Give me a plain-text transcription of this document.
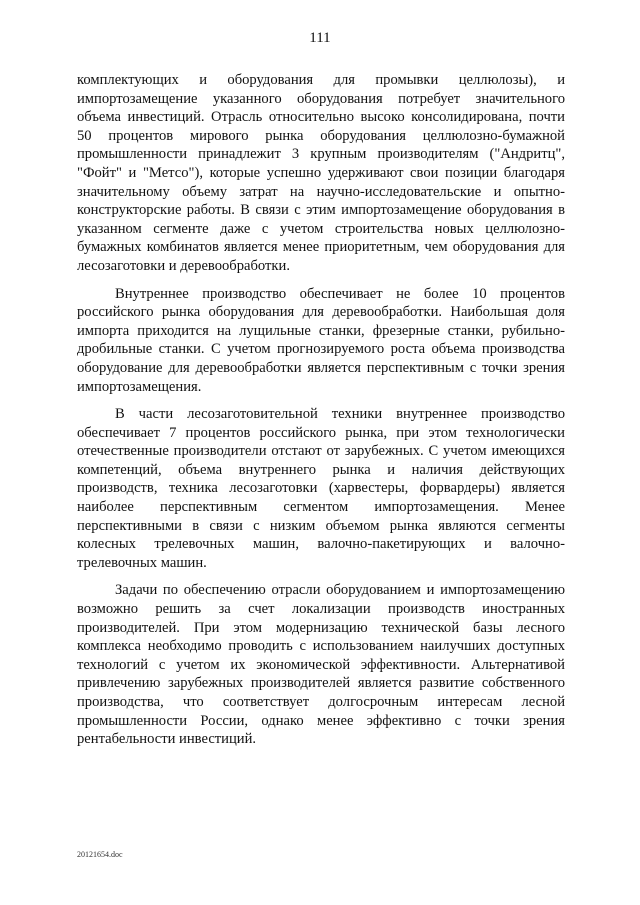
111

комплектующих и оборудования для промывки целлюлозы), и импортозамещение указанного оборудования потребует значительного объема инвестиций. Отрасль относительно высоко консолидирована, почти 50 процентов мирового рынка оборудования целлюлозно-бумажной промышленности принадлежит 3 крупным производителям ("Андритц", "Фойт" и "Метсо"), которые успешно удерживают свои позиции благодаря значительному объему затрат на научно-исследовательские и опытно-конструкторские работы. В связи с этим импортозамещение оборудования в указанном сегменте даже с учетом строительства новых целлюлозно-бумажных комбинатов является менее приоритетным, чем оборудования для лесозаготовки и деревообработки.

Внутреннее производство обеспечивает не более 10 процентов российского рынка оборудования для деревообработки. Наибольшая доля импорта приходится на лущильные станки, фрезерные станки, рубильно-дробильные станки. С учетом прогнозируемого роста объема производства оборудование для деревообработки является перспективным с точки зрения импортозамещения.

В части лесозаготовительной техники внутреннее производство обеспечивает 7 процентов российского рынка, при этом технологически отечественные производители отстают от зарубежных. С учетом имеющихся компетенций, объема внутреннего рынка и наличия действующих производств, техника лесозаготовки (харвестеры, форвардеры) является наиболее перспективным сегментом импортозамещения. Менее перспективными в связи с низким объемом рынка являются сегменты колесных трелевочных машин, валочно-пакетирующих и валочно-трелевочных машин.

Задачи по обеспечению отрасли оборудованием и импортозамещению возможно решить за счет локализации производств иностранных производителей. При этом модернизацию технической базы лесного комплекса необходимо проводить с использованием наилучших доступных технологий с учетом их экономической эффективности. Альтернативой привлечению зарубежных производителей является развитие собственного производства, что соответствует долгосрочным интересам лесной промышленности России, однако менее эффективно с точки зрения рентабельности инвестиций.

20121654.doc
